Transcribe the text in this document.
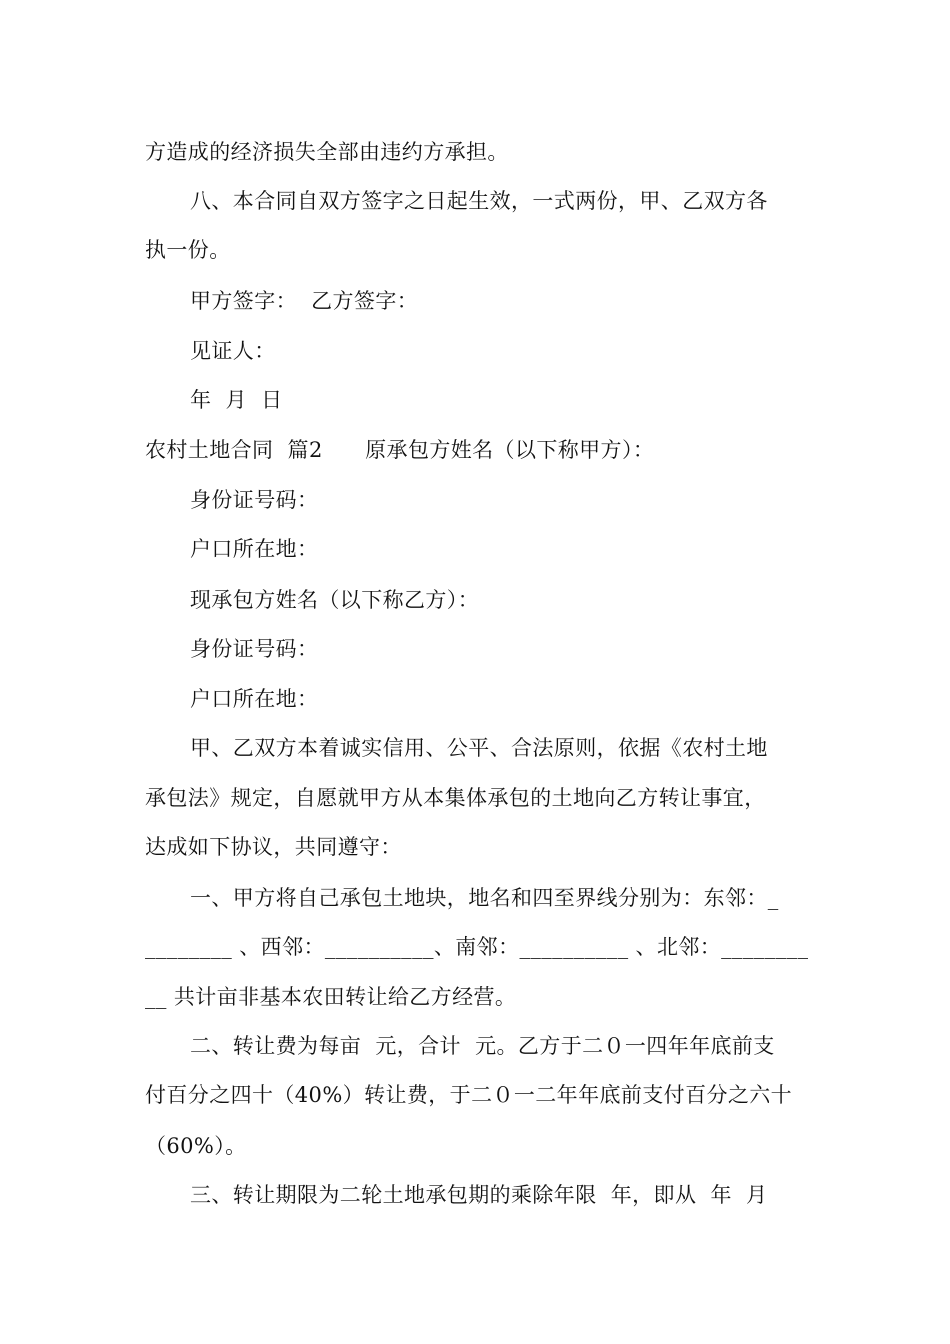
方造成的经济损失全部由违约方承担。
八、本合同自双方签字之日起生效，一式两份，甲、乙双方各
执一份。
甲方签字：  乙方签字：
见证人：
年  月  日
农村土地合同  篇2      原承包方姓名（以下称甲方）：
身份证号码：
户口所在地：
现承包方姓名（以下称乙方）：
身份证号码：
户口所在地：
甲、乙双方本着诚实信用、公平、合法原则，依据《农村土地
承包法》规定，自愿就甲方从本集体承包的土地向乙方转让事宜，
达成如下协议，共同遵守：
一、甲方将自己承包土地块，地名和四至界线分别为：东邻：_
________ 、西邻：__________、南邻：__________ 、北邻：________
__ 共计亩非基本农田转让给乙方经营。
二、转让费为每亩  元，合计  元。乙方于二０一四年年底前支
付百分之四十（40%）转让费，于二０一二年年底前支付百分之六十
（60%）。
三、转让期限为二轮土地承包期的乘除年限  年，即从  年  月
